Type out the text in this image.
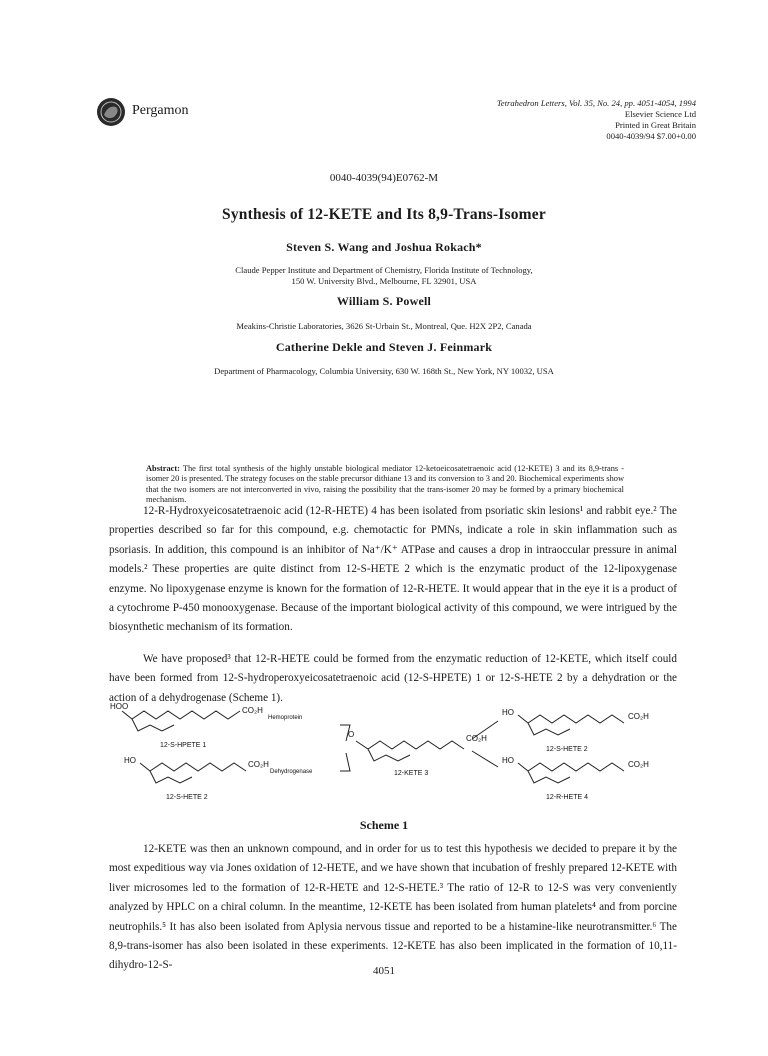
Pergamon	Tetrahedron Letters, Vol. 35, No. 24, pp. 4051-4054, 1994
Elsevier Science Ltd
Printed in Great Britain
0040-4039/94 $7.00+0.00
0040-4039(94)E0762-M
Synthesis of 12-KETE and Its 8,9-Trans-Isomer
Steven S. Wang and Joshua Rokach*
Claude Pepper Institute and Department of Chemistry, Florida Institute of Technology,
150 W. University Blvd., Melbourne, FL 32901, USA
William S. Powell
Meakins-Christie Laboratories, 3626 St-Urbain St., Montreal, Que. H2X 2P2, Canada
Catherine Dekle and Steven J. Feinmark
Department of Pharmacology, Columbia University, 630 W. 168th St., New York, NY 10032, USA
Abstract: The first total synthesis of the highly unstable biological mediator 12-ketoeicosatetraenoic acid (12-KETE) 3 and its 8,9-trans -isomer 20 is presented. The strategy focuses on the stable precursor dithiane 13 and its conversion to 3 and 20. Biochemical experiments show that the two isomers are not interconverted in vivo, raising the possibility that the trans-isomer 20 may be formed by a primary biochemical mechanism.

12-R-Hydroxyeicosatetraenoic acid (12-R-HETE) 4 has been isolated from psoriatic skin lesions¹ and rabbit eye.² The properties described so far for this compound, e.g. chemotactic for PMNs, indicate a role in skin inflammation such as psoriasis. In addition, this compound is an inhibitor of Na⁺/K⁺ ATPase and causes a drop in intraoccular pressure in animal models.² These properties are quite distinct from 12-S-HETE 2 which is the enzymatic product of the 12-lipoxygenase enzyme. No lipoxygenase enzyme is known for the formation of 12-R-HETE. It would appear that in the eye it is a product of a cytochrome P-450 monooxygenase. Because of the important biological activity of this compound, we were intrigued by the biosynthetic mechanism of its formation.

We have proposed³ that 12-R-HETE could be formed from the enzymatic reduction of 12-KETE, which itself could have been formed from 12-S-hydroperoxyeicosatetraenoic acid (12-S-HPETE) 1 or 12-S-HETE 2 by a dehydration or the action of a dehydrogenase (Scheme 1).

HOO	CO₂H
Hemoprotein
12-S-HPETE 1
HO	CO₂H
Dehydrogenase
12-S-HETE 2
O	CO₂H
12-KETE 3
HO	CO₂H
12-S-HETE 2
HO	CO₂H
12-R-HETE 4
Scheme 1

12-KETE was then an unknown compound, and in order for us to test this hypothesis we decided to prepare it by the most expeditious way via Jones oxidation of 12-HETE, and we have shown that incubation of freshly prepared 12-KETE with liver microsomes led to the formation of 12-R-HETE and 12-S-HETE.³ The ratio of 12-R to 12-S was very conveniently analyzed by HPLC on a chiral column. In the meantime, 12-KETE has been isolated from human platelets⁴ and from porcine neutrophils.⁵ It has also been isolated from Aplysia nervous tissue and reported to be a histamine-like neurotransmitter.⁶ The 8,9-trans-isomer has also been isolated in these experiments. 12-KETE has also been implicated in the formation of 10,11-dihydro-12-S-	4051
